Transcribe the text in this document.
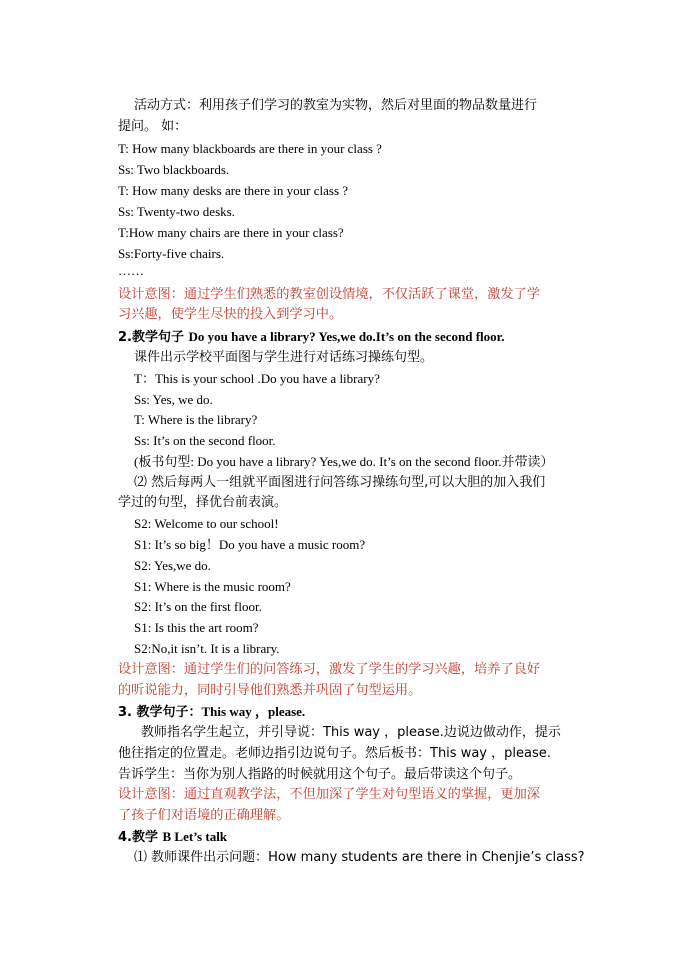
活动方式：利用孩子们学习的教室为实物，然后对里面的物品数量进行
提问。 如：
T: How many blackboards are there in your class ?
Ss: Two blackboards.
T: How many desks are there in your class ?
Ss: Twenty-two desks.
T:How many chairs are there in your class?
Ss:Forty-five chairs.
……
设计意图：通过学生们熟悉的教室创设情境，不仅活跃了课堂，激发了学
习兴趣，使学生尽快的投入到学习中。
2.教学句子 Do you have a library? Yes,we do.It’s on the second floor.
课件出示学校平面图与学生进行对话练习操练句型。
T：This is your school .Do you have a library?
Ss: Yes, we do.
T: Where is the library?
Ss: It’s on the second floor.
(板书句型: Do you have a library? Yes,we do. It’s on the second floor.并带读）
⑵ 然后每两人一组就平面图进行问答练习操练句型,可以大胆的加入我们
学过的句型，择优台前表演。
S2: Welcome to our school!
S1: It’s so big！Do you have a music room?
S2: Yes,we do.
S1: Where is the music room?
S2: It’s on the first floor.
S1: Is this the art room?
S2:No,it isn’t. It is a library.
设计意图：通过学生们的问答练习，激发了学生的学习兴趣，培养了良好
的听说能力，同时引导他们熟悉并巩固了句型运用。
3. 教学句子：This way ，please.
教师指名学生起立，并引导说：This way ，please.边说边做动作，提示
他往指定的位置走。老师边指引边说句子。然后板书：This way ，please.
告诉学生：当你为别人指路的时候就用这个句子。最后带读这个句子。
设计意图：通过直观教学法，不但加深了学生对句型语义的掌握，更加深
了孩子们对语境的正确理解。
4.教学 B Let’s talk
⑴ 教师课件出示问题：How many students are there in Chenjie’s class?
